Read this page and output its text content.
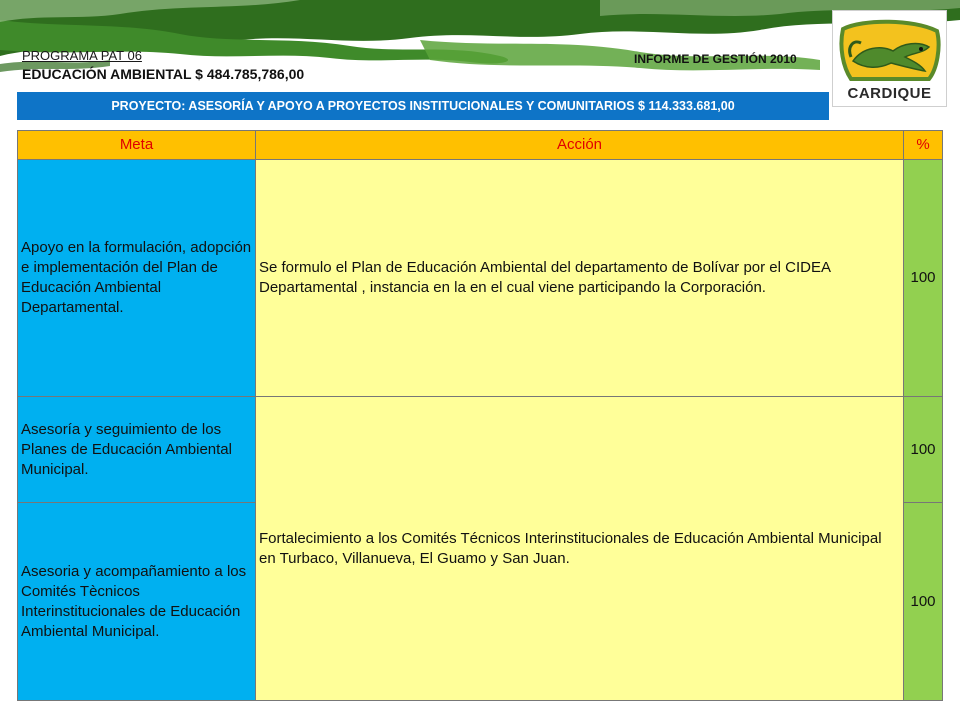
PROGRAMA PAT 06
EDUCACIÓN AMBIENTAL $ 484.785,786,00
INFORME DE GESTIÓN 2010
CARDIQUE
PROYECTO: ASESORÍA Y APOYO A PROYECTOS INSTITUCIONALES Y COMUNITARIOS $ 114.333.681,00
Meta	Acción	%
Apoyo en la formulación, adopción e implementación del Plan de Educación Ambiental Departamental.	Se formulo el Plan de Educación Ambiental del departamento de Bolívar por el CIDEA Departamental , instancia en la en el cual viene participando la Corporación.	100
Asesoría y seguimiento de los Planes de Educación Ambiental Municipal.	Fortalecimiento a los Comités Técnicos Interinstitucionales de Educación Ambiental Municipal en Turbaco, Villanueva, El Guamo y San Juan.	100
Asesoria y acompañamiento a los Comités Tècnicos Interinstitucionales de Educación Ambiental Municipal.		100
